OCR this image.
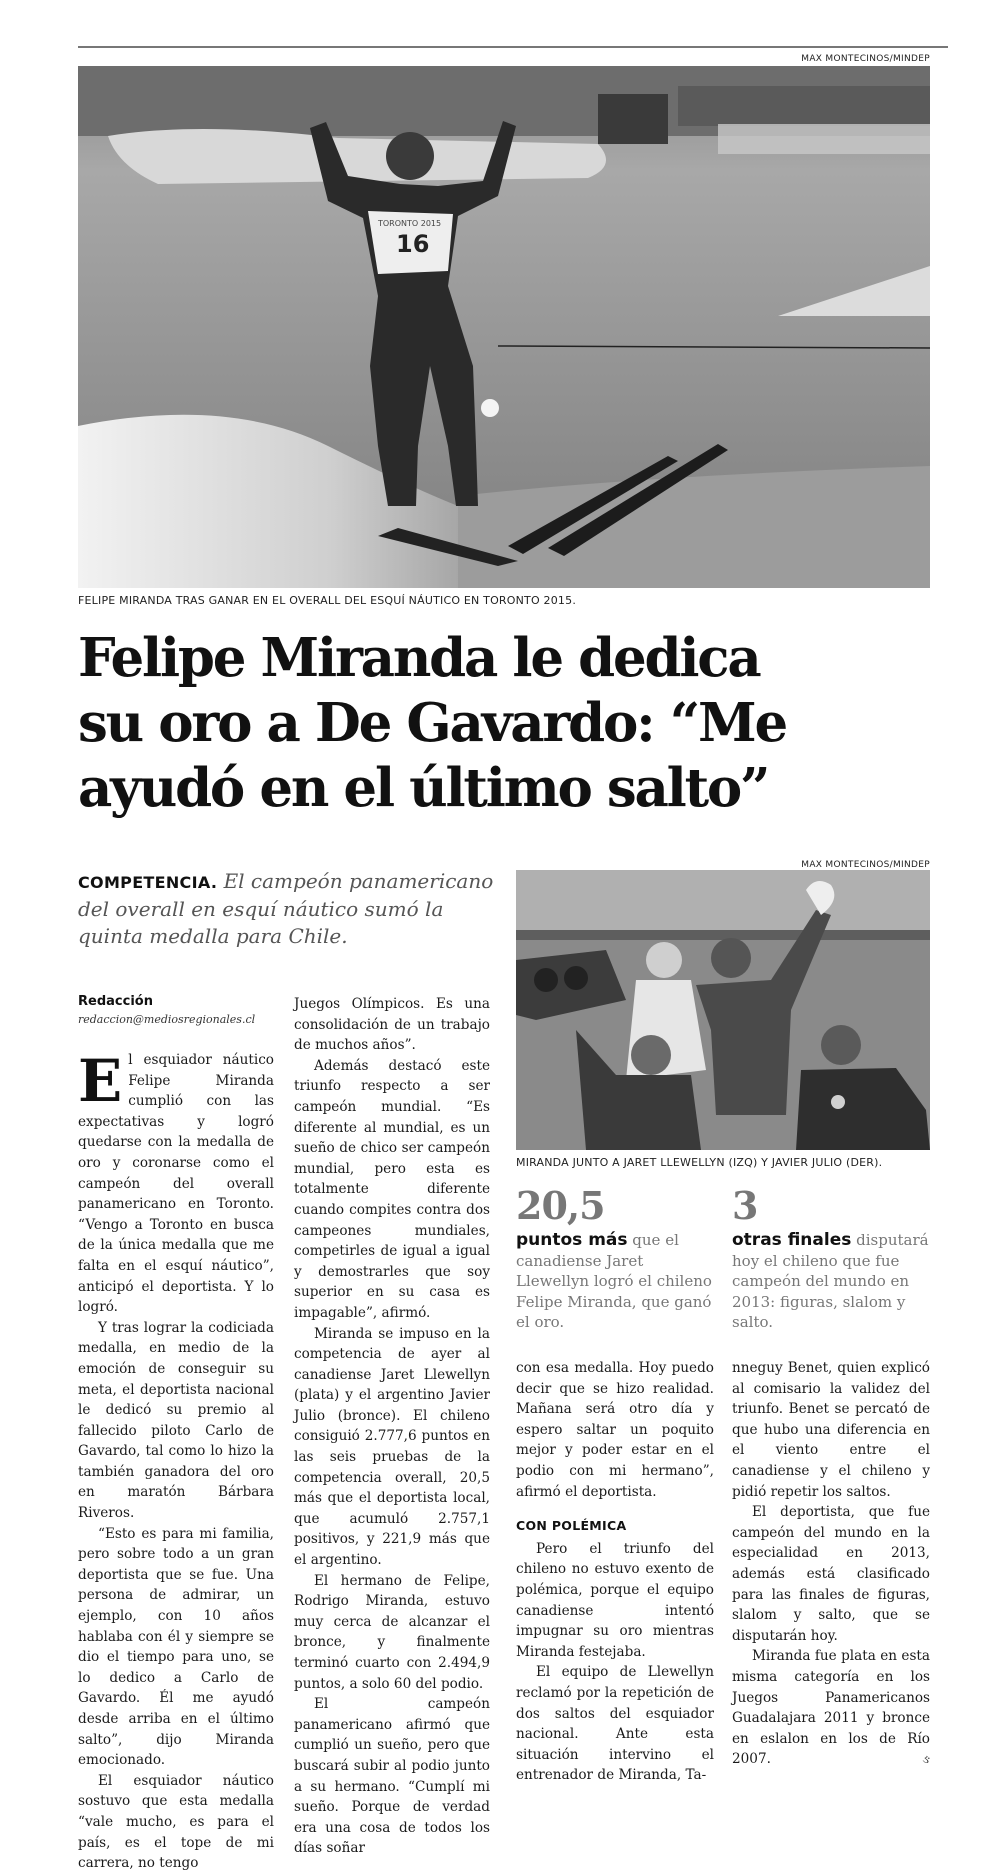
MAX MONTECINOS/MINDEP
16
TORONTO 2015
FELIPE MIRANDA TRAS GANAR EN EL OVERALL DEL ESQUÍ NÁUTICO EN TORONTO 2015.
Felipe Miranda le dedica
su oro a De Gavardo: “Me
ayudó en el último salto”
COMPETENCIA. El campeón panamericano del overall en esquí náutico sumó la quinta medalla para Chile.
MAX MONTECINOS/MINDEP
MIRANDA JUNTO A JARET LLEWELLYN (IZQ) Y JAVIER JULIO (DER).
20,5
puntos más que el canadiense Jaret Llewellyn logró el chileno Felipe Miranda, que ganó el oro.
3
otras finales disputará hoy el chileno que fue campeón del mundo en 2013: figuras, slalom y salto.
Redacción
redaccion@mediosregionales.cl

El esquiador náutico Felipe Miranda cumplió con las expectativas y logró quedarse con la medalla de oro y coronarse como el campeón del overall panamericano en Toronto. “Vengo a Toronto en busca de la única medalla que me falta en el esquí náutico”, anticipó el deportista. Y lo logró.

Y tras lograr la codiciada medalla, en medio de la emoción de conseguir su meta, el deportista nacional le dedicó su premio al fallecido piloto Carlo de Gavardo, tal como lo hizo la también ganadora del oro en maratón Bárbara Riveros.

“Esto es para mi familia, pero sobre todo a un gran deportista que se fue. Una persona de admirar, un ejemplo, con 10 años hablaba con él y siempre se dio el tiempo para uno, se lo dedico a Carlo de Gavardo. Él me ayudó desde arriba en el último salto”, dijo Miranda emocionado.

El esquiador náutico sostuvo que esta medalla “vale mucho, es para el país, es el tope de mi carrera, no tengo

Juegos Olímpicos. Es una consolidación de un trabajo de muchos años”.

Además destacó este triunfo respecto a ser campeón mundial. “Es diferente al mundial, es un sueño de chico ser campeón mundial, pero esta es totalmente diferente cuando compites contra dos campeones mundiales, competirles de igual a igual y demostrarles que soy superior en su casa es impagable”, afirmó.

Miranda se impuso en la competencia de ayer al canadiense Jaret Llewellyn (plata) y el argentino Javier Julio (bronce). El chileno consiguió 2.777,6 puntos en las seis pruebas de la competencia overall, 20,5 más que el deportista local, que acumuló 2.757,1 positivos, y 221,9 más que el argentino.

El hermano de Felipe, Rodrigo Miranda, estuvo muy cerca de alcanzar el bronce, y finalmente terminó cuarto con 2.494,9 puntos, a solo 60 del podio.

El campeón panamericano afirmó que cumplió un sueño, pero que buscará subir al podio junto a su hermano. “Cumplí mi sueño. Porque de verdad era una cosa de todos los días soñar

con esa medalla. Hoy puedo decir que se hizo realidad. Mañana será otro día y espero saltar un poquito mejor y poder estar en el podio con mi hermano”, afirmó el deportista.

CON POLÉMICA

Pero el triunfo del chileno no estuvo exento de polémica, porque el equipo canadiense intentó impugnar su oro mientras Miranda festejaba.

El equipo de Llewellyn reclamó por la repetición de dos saltos del esquiador nacional. Ante esta situación intervino el entrenador de Miranda, Ta-

nneguy Benet, quien explicó al comisario la validez del triunfo. Benet se percató de que hubo una diferencia en el viento entre el canadiense y el chileno y pidió repetir los saltos.

El deportista, que fue campeón del mundo en la especialidad en 2013, además está clasificado para las finales de figuras, slalom y salto, que se disputarán hoy.

Miranda fue plata en esta misma categoría en los Juegos Panamericanos Guadalajara 2011 y bronce en eslalon en los de Río 2007.	ઙ
